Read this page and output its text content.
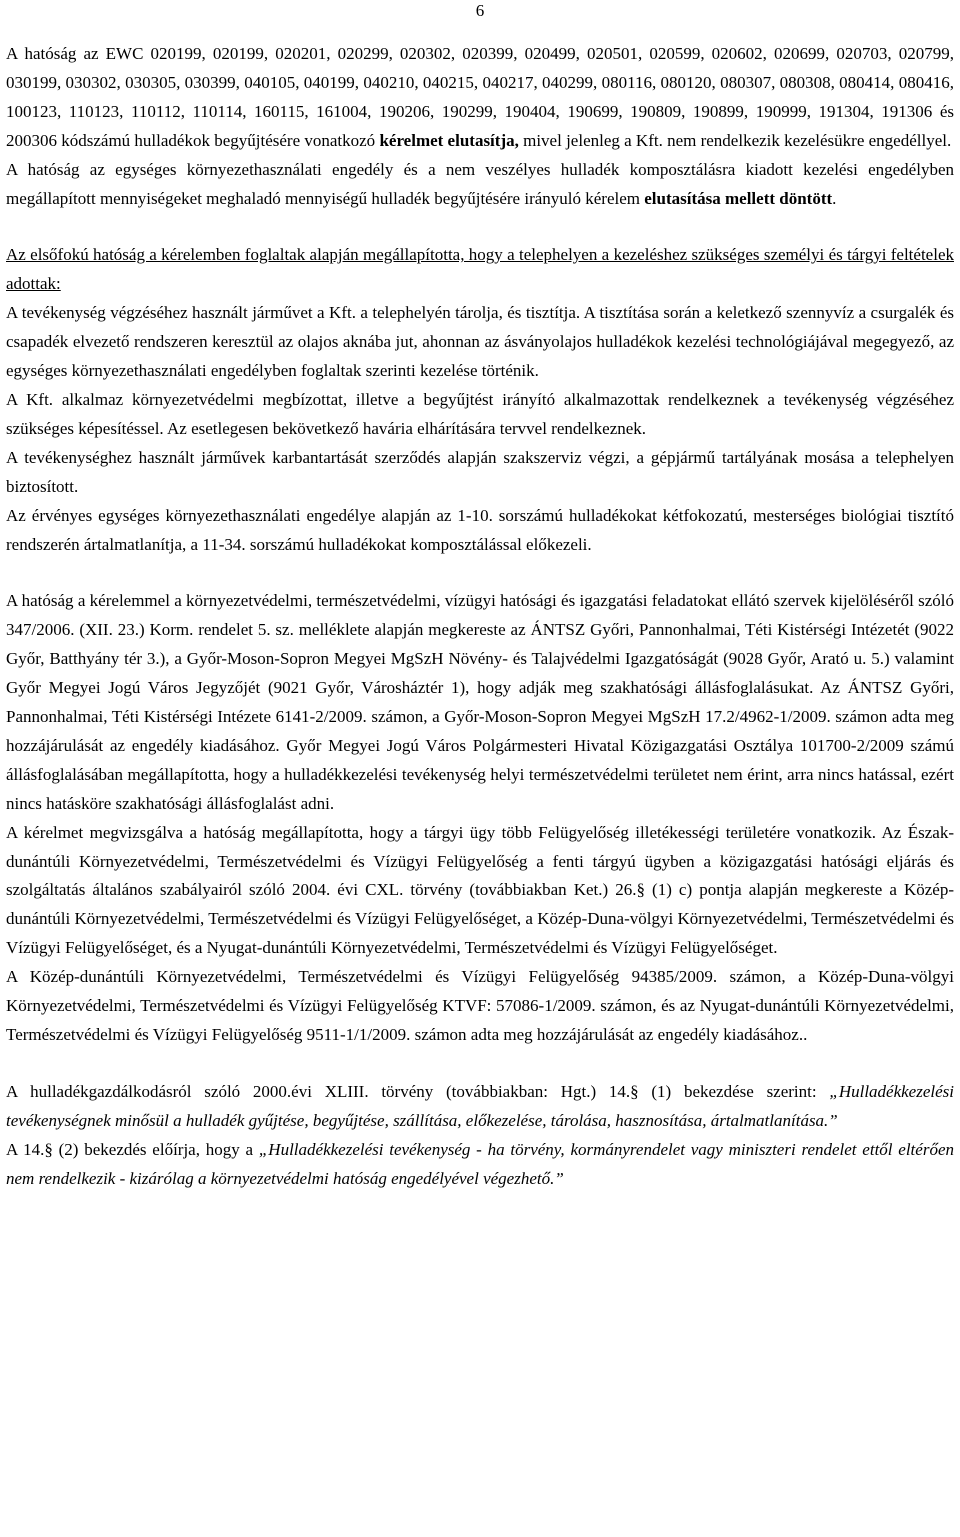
6

A hatóság az EWC 020199, 020199, 020201, 020299, 020302, 020399, 020499, 020501, 020599, 020602, 020699, 020703, 020799, 030199, 030302, 030305, 030399, 040105, 040199, 040210, 040215, 040217, 040299, 080116, 080120, 080307, 080308, 080414, 080416, 100123, 110123, 110112, 110114, 160115, 161004, 190206, 190299, 190404, 190699, 190809, 190899, 190999, 191304, 191306 és 200306 kódszámú hulladékok begyűjtésére vonatkozó kérelmet elutasítja, mivel jelenleg a Kft. nem rendelkezik kezelésükre engedéllyel.

A hatóság az egységes környezethasználati engedély és a nem veszélyes hulladék komposztálásra kiadott kezelési engedélyben megállapított mennyiségeket meghaladó mennyiségű hulladék begyűjtésére irányuló kérelem elutasítása mellett döntött.

Az elsőfokú hatóság a kérelemben foglaltak alapján megállapította, hogy a telephelyen a kezeléshez szükséges személyi és tárgyi feltételek adottak:

A tevékenység végzéséhez használt járművet a Kft. a telephelyén tárolja, és tisztítja. A tisztítása során a keletkező szennyvíz a csurgalék és csapadék elvezető rendszeren keresztül az olajos aknába jut, ahonnan az ásványolajos hulladékok kezelési technológiájával megegyező, az egységes környezethasználati engedélyben foglaltak szerinti kezelése történik.

A Kft. alkalmaz környezetvédelmi megbízottat, illetve a begyűjtést irányító alkalmazottak rendelkeznek a tevékenység végzéséhez szükséges képesítéssel. Az esetlegesen bekövetkező havária elhárítására tervvel rendelkeznek.

A tevékenységhez használt járművek karbantartását szerződés alapján szakszerviz végzi, a gépjármű tartályának mosása a telephelyen biztosított.

Az érvényes egységes környezethasználati engedélye alapján az 1-10. sorszámú hulladékokat kétfokozatú, mesterséges biológiai tisztító rendszerén ártalmatlanítja, a 11-34. sorszámú hulladékokat komposztálással előkezeli.

A hatóság a kérelemmel a környezetvédelmi, természetvédelmi, vízügyi hatósági és igazgatási feladatokat ellátó szervek kijelöléséről szóló 347/2006. (XII. 23.) Korm. rendelet 5. sz. melléklete alapján megkereste az ÁNTSZ Győri, Pannonhalmai, Téti Kistérségi Intézetét (9022 Győr, Batthyány tér 3.), a Győr-Moson-Sopron Megyei MgSzH Növény- és Talajvédelmi Igazgatóságát (9028 Győr, Arató u. 5.) valamint Győr Megyei Jogú Város Jegyzőjét (9021 Győr, Városháztér 1), hogy adják meg szakhatósági állásfoglalásukat. Az ÁNTSZ Győri, Pannonhalmai, Téti Kistérségi Intézete 6141-2/2009. számon, a Győr-Moson-Sopron Megyei MgSzH 17.2/4962-1/2009. számon adta meg hozzájárulását az engedély kiadásához. Győr Megyei Jogú Város Polgármesteri Hivatal Közigazgatási Osztálya 101700-2/2009 számú állásfoglalásában megállapította, hogy a hulladékkezelési tevékenység helyi természetvédelmi területet nem érint, arra nincs hatással, ezért nincs hatásköre szakhatósági állásfoglalást adni.

A kérelmet megvizsgálva a hatóság megállapította, hogy a tárgyi ügy több Felügyelőség illetékességi területére vonatkozik. Az Észak-dunántúli Környezetvédelmi, Természetvédelmi és Vízügyi Felügyelőség a fenti tárgyú ügyben a közigazgatási hatósági eljárás és szolgáltatás általános szabályairól szóló 2004. évi CXL. törvény (továbbiakban Ket.) 26.§ (1) c) pontja alapján megkereste a Közép-dunántúli Környezetvédelmi, Természetvédelmi és Vízügyi Felügyelőséget, a Közép-Duna-völgyi Környezetvédelmi, Természetvédelmi és Vízügyi Felügyelőséget, és a Nyugat-dunántúli Környezetvédelmi, Természetvédelmi és Vízügyi Felügyelőséget.

A Közép-dunántúli Környezetvédelmi, Természetvédelmi és Vízügyi Felügyelőség 94385/2009. számon, a Közép-Duna-völgyi Környezetvédelmi, Természetvédelmi és Vízügyi Felügyelőség KTVF: 57086-1/2009. számon, és az Nyugat-dunántúli Környezetvédelmi, Természetvédelmi és Vízügyi Felügyelőség 9511-1/1/2009. számon adta meg hozzájárulását az engedély kiadásához..

A hulladékgazdálkodásról szóló 2000.évi XLIII. törvény (továbbiakban: Hgt.) 14.§ (1) bekezdése szerint: „Hulladékkezelési tevékenységnek minősül a hulladék gyűjtése, begyűjtése, szállítása, előkezelése, tárolása, hasznosítása, ártalmatlanítása.”

A 14.§ (2) bekezdés előírja, hogy a „Hulladékkezelési tevékenység - ha törvény, kormányrendelet vagy miniszteri rendelet ettől eltérően nem rendelkezik - kizárólag a környezetvédelmi hatóság engedélyével végezhető.”
